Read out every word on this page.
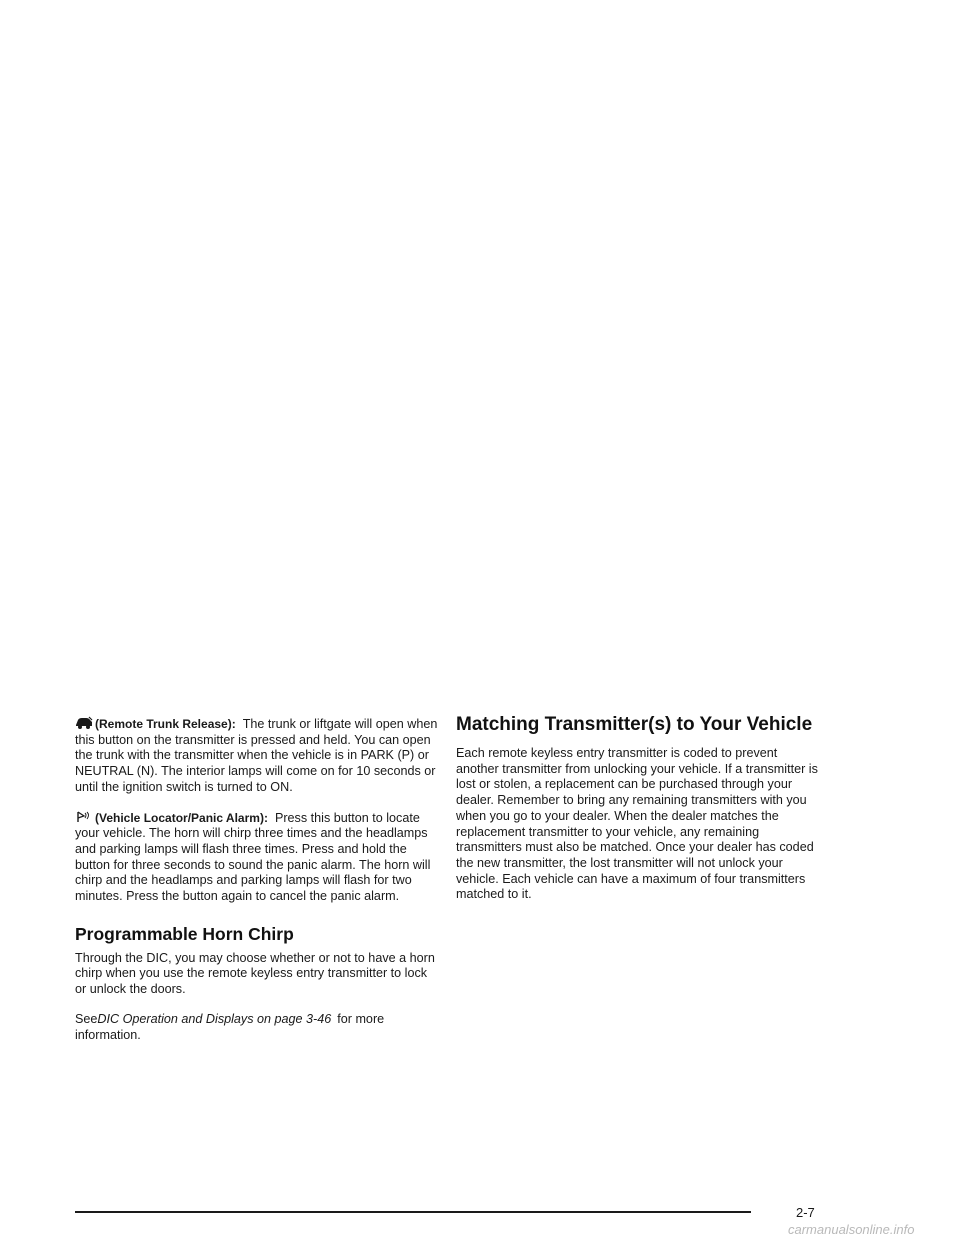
(Remote Trunk Release): The trunk or liftgate will open when this button on the transmitter is pressed and held. You can open the trunk with the transmitter when the vehicle is in PARK (P) or NEUTRAL (N). The interior lamps will come on for 10 seconds or until the ignition switch is turned to ON.

(Vehicle Locator/Panic Alarm): Press this button to locate your vehicle. The horn will chirp three times and the headlamps and parking lamps will flash three times. Press and hold the button for three seconds to sound the panic alarm. The horn will chirp and the headlamps and parking lamps will flash for two minutes. Press the button again to cancel the panic alarm.

Programmable Horn Chirp

Through the DIC, you may choose whether or not to have a horn chirp when you use the remote keyless entry transmitter to lock or unlock the doors.

SeeDIC Operation and Displays on page 3-46 for more information.

Matching Transmitter(s) to Your Vehicle

Each remote keyless entry transmitter is coded to prevent another transmitter from unlocking your vehicle. If a transmitter is lost or stolen, a replacement can be purchased through your dealer. Remember to bring any remaining transmitters with you when you go to your dealer. When the dealer matches the replacement transmitter to your vehicle, any remaining transmitters must also be matched. Once your dealer has coded the new transmitter, the lost transmitter will not unlock your vehicle. Each vehicle can have a maximum of four transmitters matched to it.

2-7
carmanualsonline.info
